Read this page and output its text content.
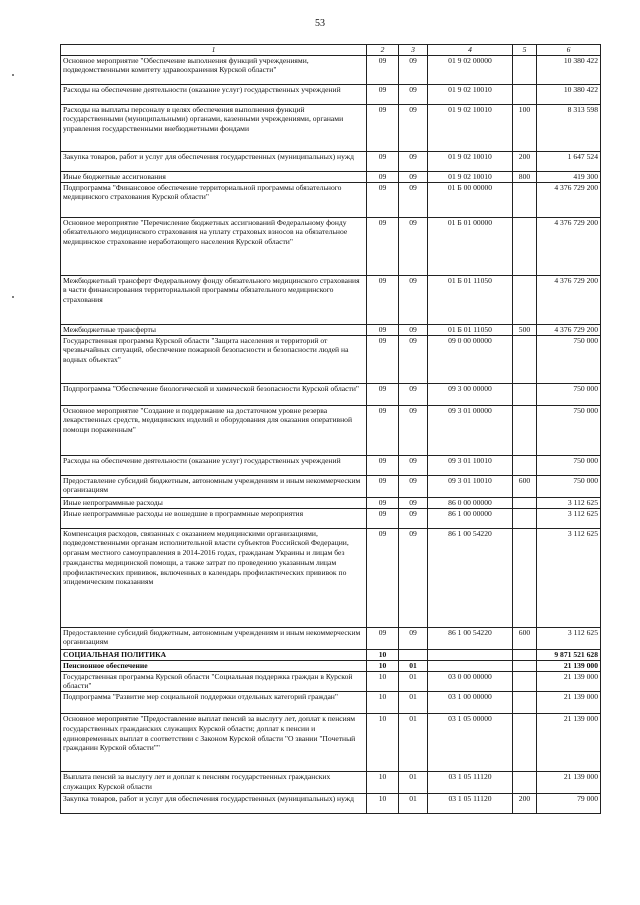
53
1	2	3	4	5	6
Основное мероприятие "Обеспечение выполнения функций учреждениями, подведомственными комитету здравоохранения Курской области"	09	09	01 9 02 00000		10 380 422
Расходы на обеспечение деятельности (оказание услуг) государственных учреждений	09	09	01 9 02 10010		10 380 422
Расходы на выплаты персоналу в целях обеспечения выполнения функций государственными (муниципальными) органами, казенными учреждениями, органами управления государственными внебюджетными фондами	09	09	01 9 02 10010	100	8 313 598
Закупка товаров, работ и услуг для обеспечения государственных (муниципальных) нужд	09	09	01 9 02 10010	200	1 647 524
Иные бюджетные ассигнования	09	09	01 9 02 10010	800	419 300
Подпрограмма "Финансовое обеспечение территориальной программы обязательного медицинского страхования Курской области"	09	09	01 Б 00 00000		4 376 729 200
Основное мероприятие "Перечисление бюджетных ассигнований Федеральному фонду обязательного медицинского страхования на уплату страховых взносов на обязательное медицинское страхование неработающего населения Курской области"	09	09	01 Б 01 00000		4 376 729 200
Межбюджетный трансферт Федеральному фонду обязательного медицинского страхования в части финансирования территориальной программы обязательного медицинского страхования	09	09	01 Б 01 11050		4 376 729 200
Межбюджетные трансферты	09	09	01 Б 01 11050	500	4 376 729 200
Государственная программа Курской области "Защита населения и территорий от чрезвычайных ситуаций, обеспечение пожарной безопасности и безопасности людей на водных объектах"	09	09	09 0 00 00000		750 000
Подпрограмма "Обеспечение биологической и химической безопасности Курской области"	09	09	09 3 00 00000		750 000
Основное мероприятие "Создание и поддержание на достаточном уровне резерва лекарственных средств, медицинских изделий и оборудования для оказания оперативной помощи пораженным"	09	09	09 3 01 00000		750 000
Расходы на обеспечение деятельности (оказание услуг) государственных учреждений	09	09	09 3 01 10010		750 000
Предоставление субсидий бюджетным, автономным учреждениям и иным некоммерческим организациям	09	09	09 3 01 10010	600	750 000
Иные непрограммные расходы	09	09	86 0 00 00000		3 112 625
Иные непрограммные расходы не вошедшие в программные мероприятия	09	09	86 1 00 00000		3 112 625
Компенсация расходов, связанных с оказанием медицинскими организациями, подведомственными органам исполнительной власти субъектов Российской Федерации, органам местного самоуправления в 2014-2016 годах, гражданам Украины и лицам без гражданства медицинской помощи, а также затрат по проведению указанным лицам профилактических прививок, включенных в календарь профилактических прививок по эпидемическим показаниям	09	09	86 1 00 54220		3 112 625
Предоставление субсидий бюджетным, автономным учреждениям и иным некоммерческим организациям	09	09	86 1 00 54220	600	3 112 625
СОЦИАЛЬНАЯ ПОЛИТИКА	10				9 871 521 628
Пенсионное обеспечение	10	01			21 139 000
Государственная программа Курской области "Социальная поддержка граждан в Курской области"	10	01	03 0 00 00000		21 139 000
Подпрограмма "Развитие мер социальной поддержки отдельных категорий граждан"	10	01	03 1 00 00000		21 139 000
Основное мероприятие "Предоставление выплат пенсий за выслугу лет, доплат к пенсиям государственных гражданских служащих Курской области; доплат к пенсии и единовременных выплат в соответствии с Законом Курской области "О звании "Почетный гражданин Курской области""	10	01	03 1 05 00000		21 139 000
Выплата пенсий за выслугу лет и доплат к пенсиям государственных гражданских служащих Курской области	10	01	03 1 05 11120		21 139 000
Закупка товаров, работ и услуг для обеспечения государственных (муниципальных) нужд	10	01	03 1 05 11120	200	79 000
